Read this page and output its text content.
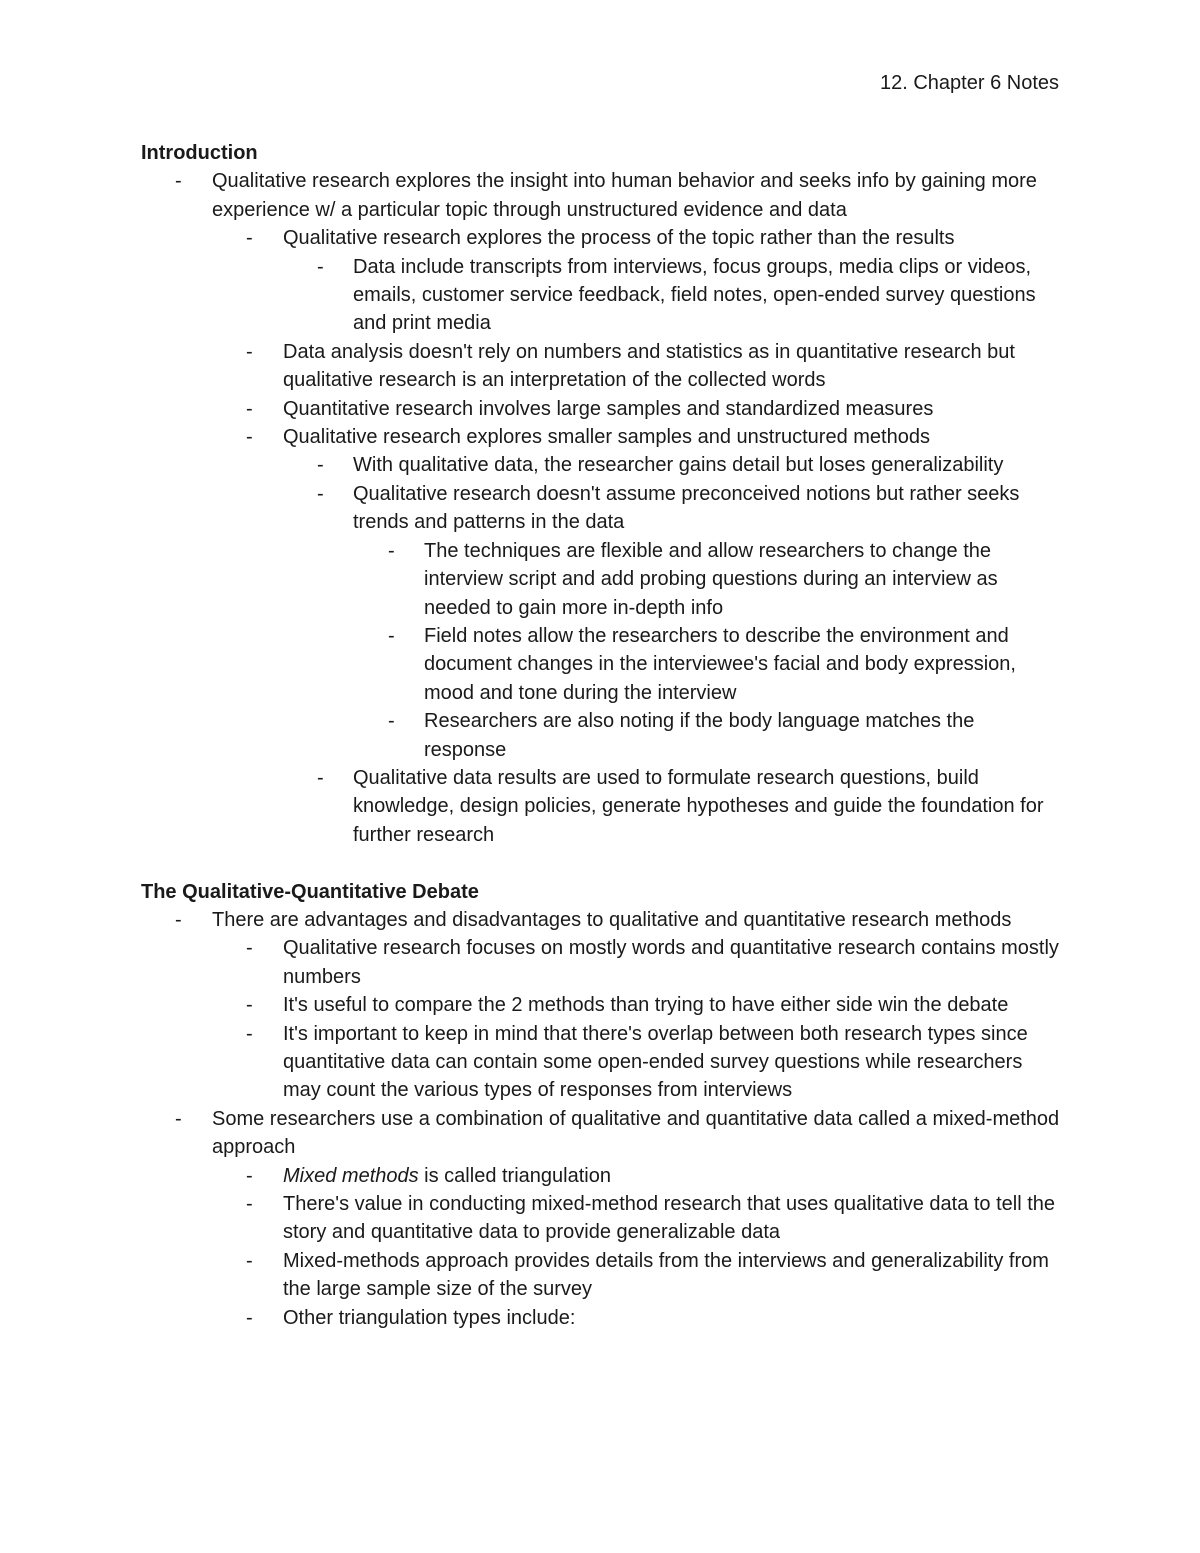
12. Chapter 6 Notes
Introduction
- Qualitative research explores the insight into human behavior and seeks info by gaining more experience w/ a particular topic through unstructured evidence and data
- Qualitative research explores the process of the topic rather than the results
- Data include transcripts from interviews, focus groups, media clips or videos, emails, customer service feedback, field notes, open-ended survey questions and print media
- Data analysis doesn't rely on numbers and statistics as in quantitative research but qualitative research is an interpretation of the collected words
- Quantitative research involves large samples and standardized measures
- Qualitative research explores smaller samples and unstructured methods
- With qualitative data, the researcher gains detail but loses generalizability
- Qualitative research doesn't assume preconceived notions but rather seeks trends and patterns in the data
- The techniques are flexible and allow researchers to change the interview script and add probing questions during an interview as needed to gain more in-depth info
- Field notes allow the researchers to describe the environment and document changes in the interviewee's facial and body expression, mood and tone during the interview
- Researchers are also noting if the body language matches the response
- Qualitative data results are used to formulate research questions, build knowledge, design policies, generate hypotheses and guide the foundation for further research
The Qualitative-Quantitative Debate
- There are advantages and disadvantages to qualitative and quantitative research methods
- Qualitative research focuses on mostly words and quantitative research contains mostly numbers
- It's useful to compare the 2 methods than trying to have either side win the debate
- It's important to keep in mind that there's overlap between both research types since quantitative data can contain some open-ended survey questions while researchers may count the various types of responses from interviews
- Some researchers use a combination of qualitative and quantitative data called a mixed-method approach
- Mixed methods is called triangulation
- There's value in conducting mixed-method research that uses qualitative data to tell the story and quantitative data to provide generalizable data
- Mixed-methods approach provides details from the interviews and generalizability from the large sample size of the survey
- Other triangulation types include:
